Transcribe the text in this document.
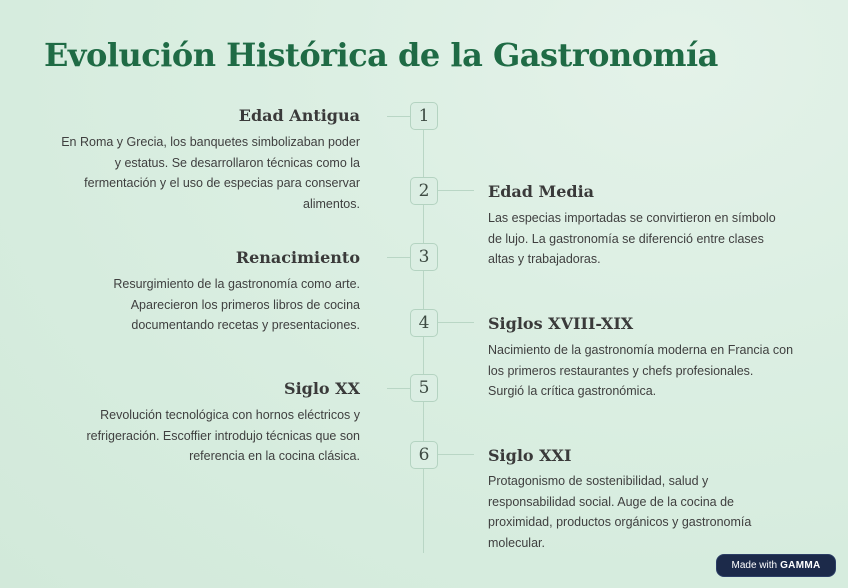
Evolución Histórica de la Gastronomía
1
Edad Antigua
En Roma y Grecia, los banquetes simbolizaban poder
y estatus. Se desarrollaron técnicas como la
fermentación y el uso de especias para conservar
alimentos.
2	Edad Media
Las especias importadas se convirtieron en símbolo
de lujo. La gastronomía se diferenció entre clases
altas y trabajadoras.
3
Renacimiento
Resurgimiento de la gastronomía como arte.
Aparecieron los primeros libros de cocina
documentando recetas y presentaciones.	4	Siglos XVIII-XIX
Nacimiento de la gastronomía moderna en Francia con
los primeros restaurantes y chefs profesionales.
Surgió la crítica gastronómica.
5
Siglo XX
Revolución tecnológica con hornos eléctricos y
refrigeración. Escoffier introdujo técnicas que son
referencia en la cocina clásica.	6	Siglo XXI
Protagonismo de sostenibilidad, salud y
responsabilidad social. Auge de la cocina de
proximidad, productos orgánicos y gastronomía
molecular.
Made with GAMMA
